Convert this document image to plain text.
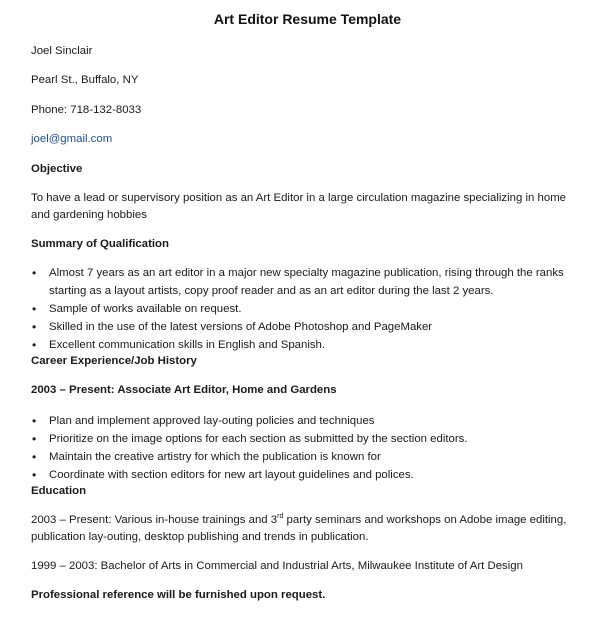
Art Editor Resume Template
Joel Sinclair
Pearl St., Buffalo, NY
Phone: 718-132-8033
joel@gmail.com
Objective
To have a lead or supervisory position as an Art Editor in a large circulation magazine specializing in home and gardening hobbies
Summary of Qualification
• Almost 7 years as an art editor in a major new specialty magazine publication, rising through the ranks starting as a layout artists, copy proof reader and as an art editor during the last 2 years.
• Sample of works available on request.
• Skilled in the use of the latest versions of Adobe Photoshop and PageMaker
• Excellent communication skills in English and Spanish.
Career Experience/Job History
2003 – Present: Associate Art Editor, Home and Gardens
• Plan and implement approved lay-outing policies and techniques
• Prioritize on the image options for each section as submitted by the section editors.
• Maintain the creative artistry for which the publication is known for
• Coordinate with section editors for new art layout guidelines and polices.
Education
2003 – Present: Various in-house trainings and 3rd party seminars and workshops on Adobe image editing, publication lay-outing, desktop publishing and trends in publication.
1999 – 2003: Bachelor of Arts in Commercial and Industrial Arts, Milwaukee Institute of Art Design
Professional reference will be furnished upon request.
